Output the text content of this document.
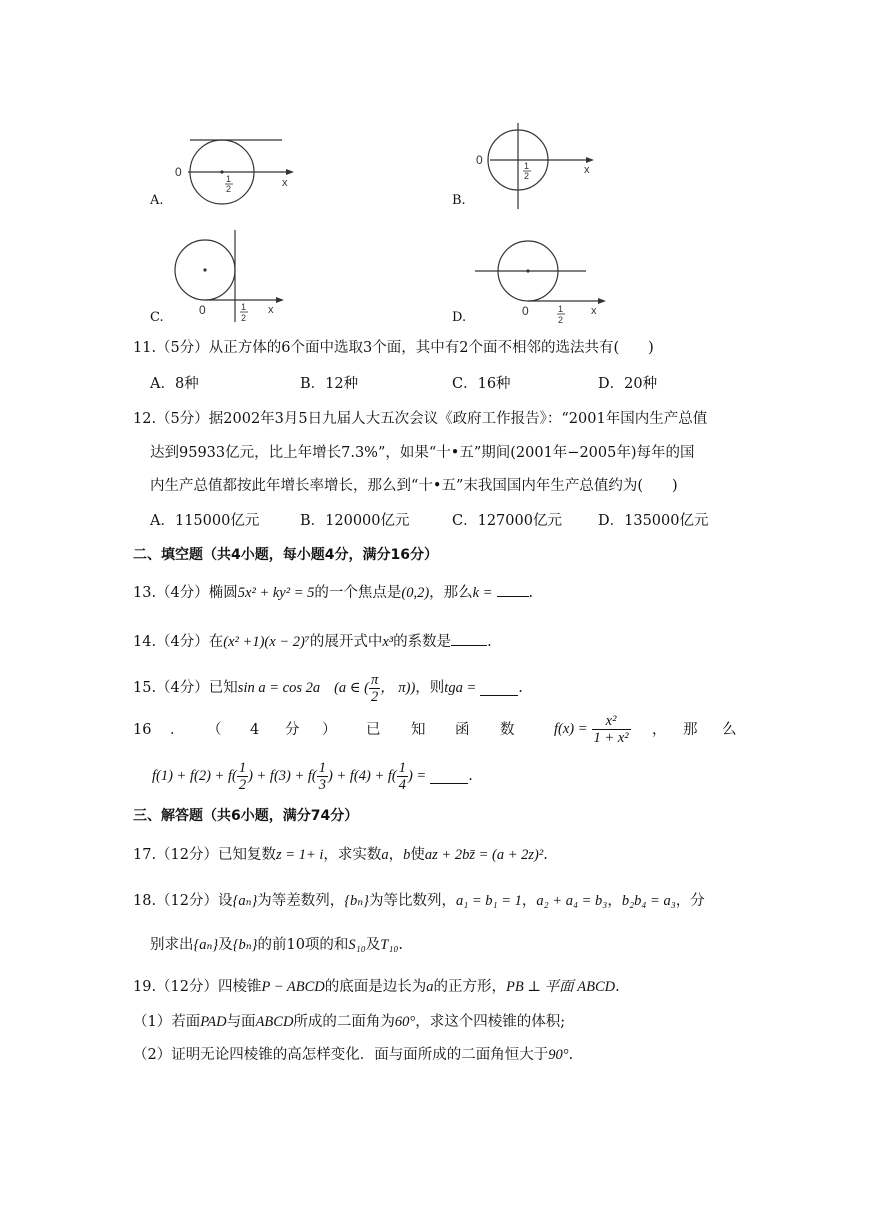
0
x
1
2
A.
0
x
1
2
B.
0	x
1
2
C.	0	x
1
2
D.
11.（5分）从正方体的6个面中选取3个面，其中有2个面不相邻的选法共有(　　)
A．8种	B．12种	C．16种	D．20种
12.（5分）据2002年3月5日九届人大五次会议《政府工作报告》：“2001年国内生产总值
达到95933亿元，比上年增长7.3%”，如果“十•五”期间(2001年−2005年)每年的国
内生产总值都按此年增长率增长，那么到“十•五”末我国国内年生产总值约为(　　)
A．115000亿元	B．120000亿元	C．127000亿元 D．135000亿元
二、填空题（共4小题，每小题4分，满分16分）
13.（4分）椭圆5x² + ky² = 5的一个焦点是(0,2)，那么k = .
14.（4分）在(x² +1)(x − 2)⁷的展开式中x³的系数是 .
15.（4分）已知 sin a = cos 2a (a ∈ ( $\frac{\pi}{2}$ ， π)) ，则 tga =	.
16 ． （ 4 分 ） 已 知 函 数	$f(x) = \frac{\text{x²}}{\text{1 + x²}}$ ， 那 么
$f(1) + f(2) + f( \frac{1}{2}$ ) + $f(3) + f( \frac{1}{3}$ ) + $f(4) + f( \frac{1}{4}$ ) =	.
三、解答题（共6小题，满分74分）
17.（12分）已知复数z = 1+ i，求实数a，b使az + 2bz̄ = (a + 2z)².
18.（12分）设{aₙ}为等差数列，{bₙ}为等比数列，a₁ = b₁ = 1，a₂ + a₄ = b₃，b₂b₄ = a₃，分
别求出{aₙ}及{bₙ}的前10项的和S₁₀及T₁₀.
19.（12分）四棱锥P − ABCD的底面是边长为a的正方形，PB ⊥ 平面 ABCD.
（1）若面PAD与面ABCD所成的二面角为60°，求这个四棱锥的体积;
（2）证明无论四棱锥的高怎样变化．面与面所成的二面角恒大于90°.
